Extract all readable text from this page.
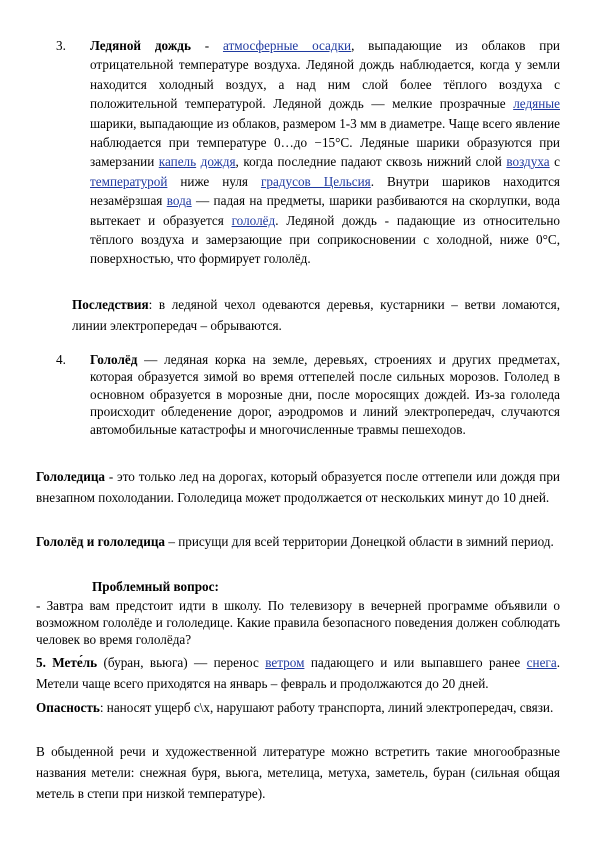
3. Ледяной дождь - атмосферные осадки, выпадающие из облаков при отрицательной температуре воздуха. Ледяной дождь наблюдается, когда у земли находится холодный воздух, а над ним слой более тёплого воздуха с положительной температурой. Ледяной дождь — мелкие прозрачные ледяные шарики, выпадающие из облаков, размером 1-3 мм в диаметре. Чаще всего явление наблюдается при температуре 0…до −15°С. Ледяные шарики образуются при замерзании капель дождя, когда последние падают сквозь нижний слой воздуха с температурой ниже нуля градусов Цельсия. Внутри шариков находится незамёрзшая вода — падая на предметы, шарики разбиваются на скорлупки, вода вытекает и образуется гололёд. Ледяной дождь - падающие из относительно тёплого воздуха и замерзающие при соприкосновении с холодной, ниже 0°С, поверхностью, что формирует гололёд.

Последствия: в ледяной чехол одеваются деревья, кустарники – ветви ломаются, линии электропередач – обрываются.

4. Гололёд — ледяная корка на земле, деревьях, строениях и других предметах, которая образуется зимой во время оттепелей после сильных морозов. Гололед в основном образуется в морозные дни, после моросящих дождей. Из-за гололеда происходит обледенение дорог, аэродромов и линий электропередач, случаются автомобильные катастрофы и многочисленные травмы пешеходов.

Гололедица - это только лед на дорогах, который образуется после оттепели или дождя при внезапном похолодании. Гололедица может продолжается от нескольких минут до 10 дней.

Гололёд и гололедица – присущи для всей территории Донецкой области в зимний период.

Проблемный вопрос:

- Завтра вам предстоит идти в школу. По телевизору в вечерней программе объявили о возможном гололёде и гололедице. Какие правила безопасного поведения должен соблюдать человек во время гололёда?

5. Мете́ль (буран, вьюга) — перенос ветром падающего и или выпавшего ранее снега. Метели чаще всего приходятся на январь – февраль и продолжаются до 20 дней.

Опасность: наносят ущерб с\х, нарушают работу транспорта, линий электропередач, связи.

В обыденной речи и художественной литературе можно встретить такие многообразные названия метели: снежная буря, вьюга, метелица, метуха, заметель, буран (сильная общая метель в степи при низкой температуре).
